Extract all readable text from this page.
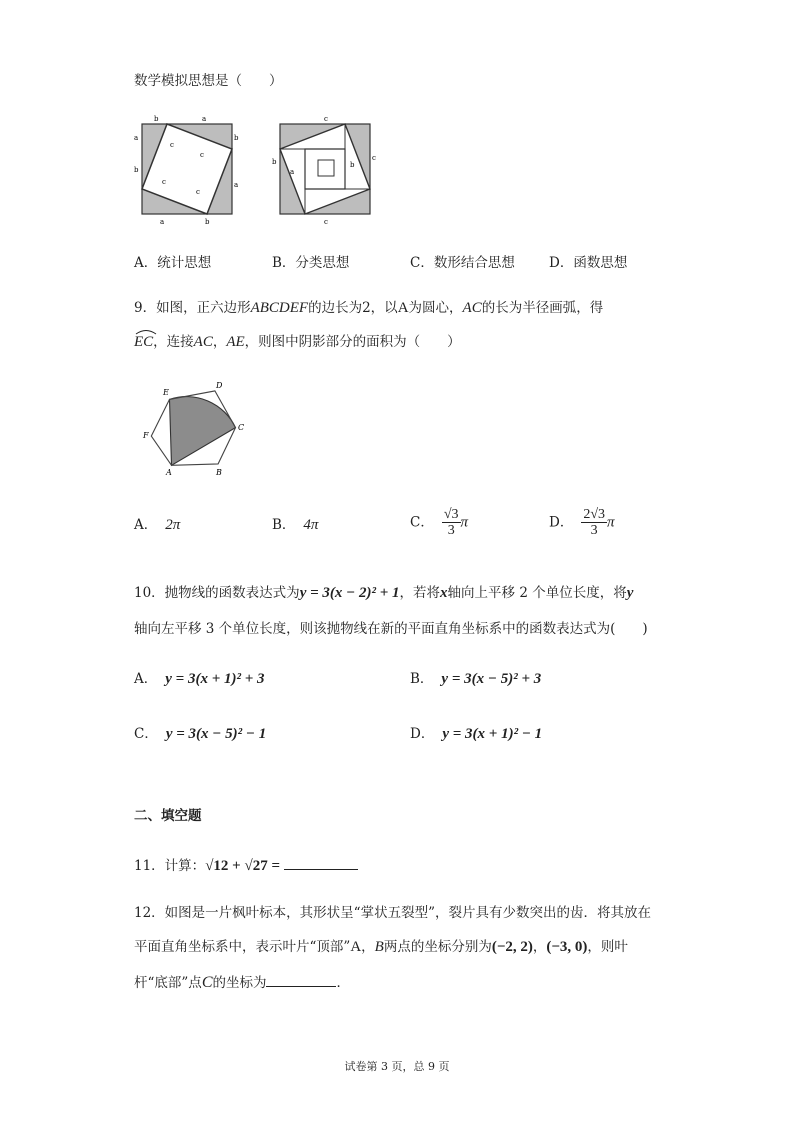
数学模拟思想是（　　）
b	a
a
b
b
a
a	b
c
c
c
c
c
b	c
c
a
b
A．统计思想	B．分类思想	C．数形结合思想	D．函数思想
9．如图，正六边形ABCDEF的边长为2，以A为圆心，AC的长为半径画弧，得
EC，连接AC，AE，则图中阴影部分的面积为（　　）
A	B
C
D
E
F
A． 2π	B． 4π	C． $\frac{√3}{3}$ π	D． $\frac{2√3}{3}$ π
10．抛物线的函数表达式为y = 3(x − 2)² + 1，若将x轴向上平移 2 个单位长度，将y
轴向左平移 3 个单位长度，则该抛物线在新的平面直角坐标系中的函数表达式为(　　)
A． y = 3(x + 1)² + 3	B． y = 3(x − 5)² + 3
C． y = 3(x − 5)² − 1	D． y = 3(x + 1)² − 1
二、填空题
11．计算：√12 + √27 =
12．如图是一片枫叶标本，其形状呈“掌状五裂型”，裂片具有少数突出的齿．将其放在
平面直角坐标系中，表示叶片“顶部”A，B两点的坐标分别为(−2, 2)，(−3, 0)，则叶
杆“底部”点C的坐标为	．
试卷第 3 页，总 9 页
